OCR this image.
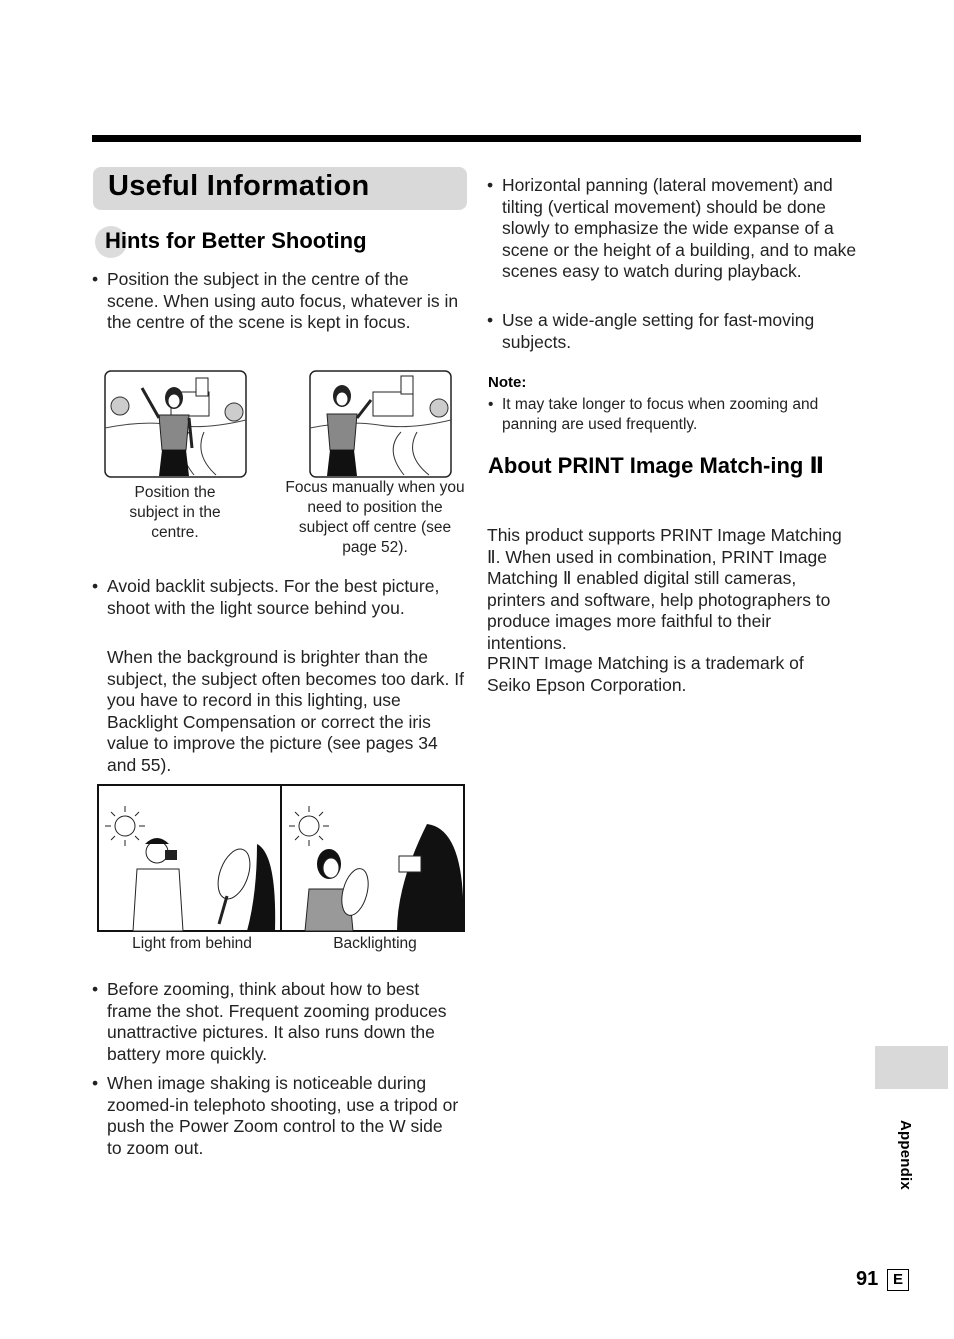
Useful Information
Hints for Better Shooting
• Position the subject in the centre of the scene. When using auto focus, whatever is in the centre of the scene is kept in focus.
Position the subject in the centre.
Focus manually when you need to position the subject off centre (see page 52).
• Avoid backlit subjects. For the best picture, shoot with the light source behind you.
When the background is brighter than the subject, the subject often becomes too dark. If you have to record in this lighting, use Backlight Compensation or correct the iris value to improve the picture (see pages 34 and 55).
Light from behind	Backlighting
• Before zooming, think about how to best frame the shot. Frequent zooming produces unattractive pictures. It also runs down the battery more quickly.
• When image shaking is noticeable during zoomed-in telephoto shooting, use a tripod or push the Power Zoom control to the W side to zoom out.
• Horizontal panning (lateral movement) and tilting (vertical movement) should be done slowly to emphasize the wide expanse of a scene or the height of a building, and to make scenes easy to watch during playback.
• Use a wide-angle setting for fast-moving subjects.
Note:
• It may take longer to focus when zooming and panning are used frequently.
About PRINT Image Match-ing Ⅱ
This product supports PRINT Image Matching Ⅱ. When used in combination, PRINT Image Matching Ⅱ enabled digital still cameras, printers and software, help photographers to produce images more faithful to their intentions.
PRINT Image Matching is a trademark of Seiko Epson Corporation.
Appendix
91 E
